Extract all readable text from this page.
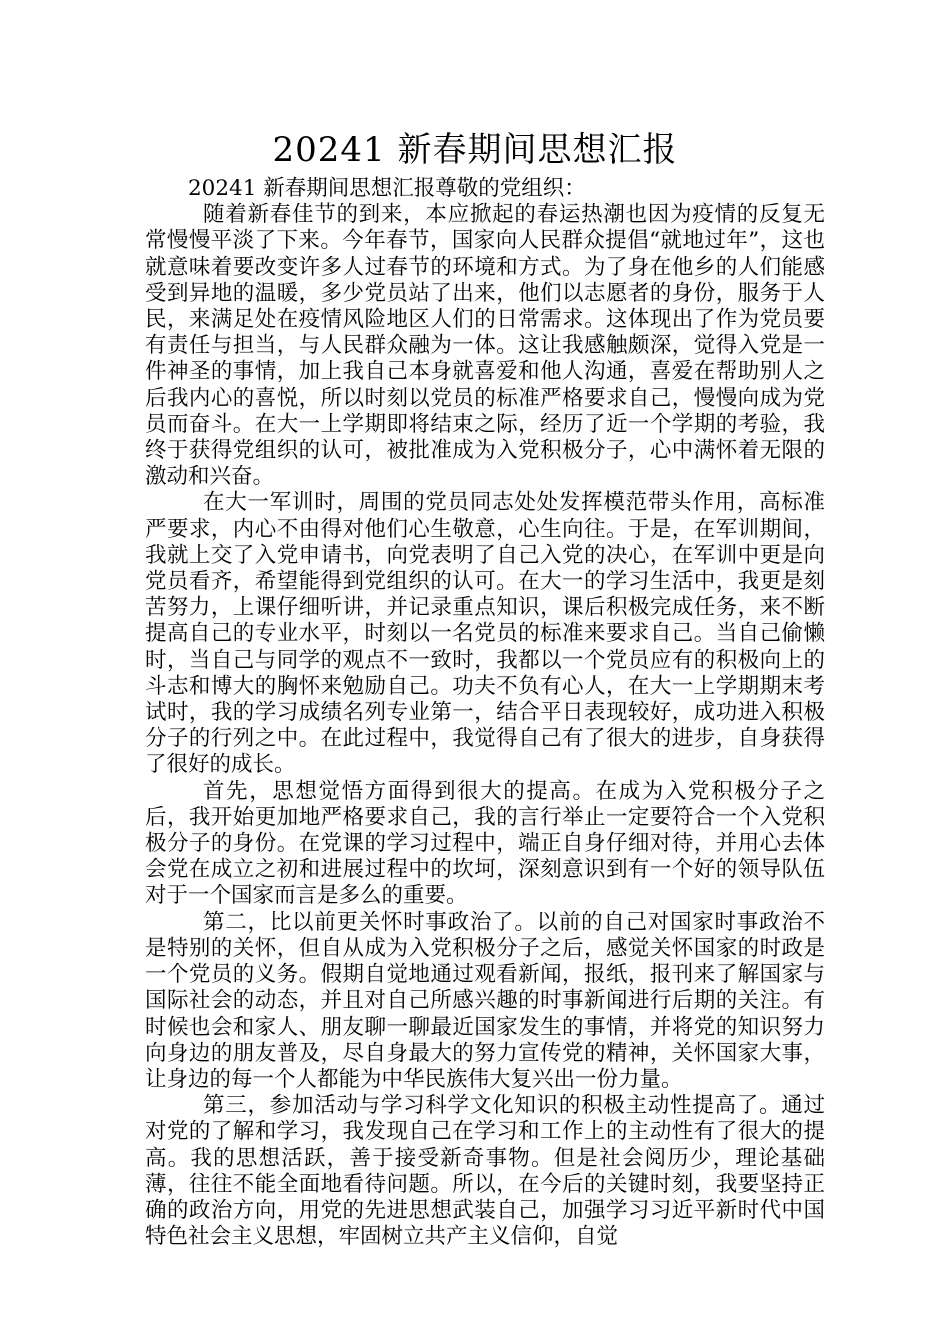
20241 新春期间思想汇报

20241 新春期间思想汇报尊敬的党组织：

随着新春佳节的到来，本应掀起的春运热潮也因为疫情的反复无常慢慢平淡了下来。今年春节，国家向人民群众提倡“就地过年”，这也就意味着要改变许多人过春节的环境和方式。为了身在他乡的人们能感受到异地的温暖，多少党员站了出来，他们以志愿者的身份，服务于人民，来满足处在疫情风险地区人们的日常需求。这体现出了作为党员要有责任与担当，与人民群众融为一体。这让我感触颇深，觉得入党是一件神圣的事情，加上我自己本身就喜爱和他人沟通，喜爱在帮助别人之后我内心的喜悦，所以时刻以党员的标准严格要求自己，慢慢向成为党员而奋斗。在大一上学期即将结束之际，经历了近一个学期的考验，我终于获得党组织的认可，被批准成为入党积极分子，心中满怀着无限的激动和兴奋。

在大一军训时，周围的党员同志处处发挥模范带头作用，高标准严要求，内心不由得对他们心生敬意，心生向往。于是，在军训期间，我就上交了入党申请书，向党表明了自己入党的决心，在军训中更是向党员看齐，希望能得到党组织的认可。在大一的学习生活中，我更是刻苦努力，上课仔细听讲，并记录重点知识，课后积极完成任务，来不断提高自己的专业水平，时刻以一名党员的标准来要求自己。当自己偷懒时，当自己与同学的观点不一致时，我都以一个党员应有的积极向上的斗志和博大的胸怀来勉励自己。功夫不负有心人，在大一上学期期末考试时，我的学习成绩名列专业第一，结合平日表现较好，成功进入积极分子的行列之中。在此过程中，我觉得自己有了很大的进步，自身获得了很好的成长。

首先，思想觉悟方面得到很大的提高。在成为入党积极分子之后，我开始更加地严格要求自己，我的言行举止一定要符合一个入党积极分子的身份。在党课的学习过程中，端正自身仔细对待，并用心去体会党在成立之初和进展过程中的坎坷，深刻意识到有一个好的领导队伍对于一个国家而言是多么的重要。

第二，比以前更关怀时事政治了。以前的自己对国家时事政治不是特别的关怀，但自从成为入党积极分子之后，感觉关怀国家的时政是一个党员的义务。假期自觉地通过观看新闻，报纸，报刊来了解国家与国际社会的动态，并且对自己所感兴趣的时事新闻进行后期的关注。有时候也会和家人、朋友聊一聊最近国家发生的事情，并将党的知识努力向身边的朋友普及，尽自身最大的努力宣传党的精神，关怀国家大事，让身边的每一个人都能为中华民族伟大复兴出一份力量。

第三，参加活动与学习科学文化知识的积极主动性提高了。通过对党的了解和学习，我发现自己在学习和工作上的主动性有了很大的提高。我的思想活跃，善于接受新奇事物。但是社会阅历少，理论基础薄，往往不能全面地看待问题。所以，在今后的关键时刻，我要坚持正确的政治方向，用党的先进思想武装自己，加强学习习近平新时代中国特色社会主义思想，牢固树立共产主义信仰，自觉
